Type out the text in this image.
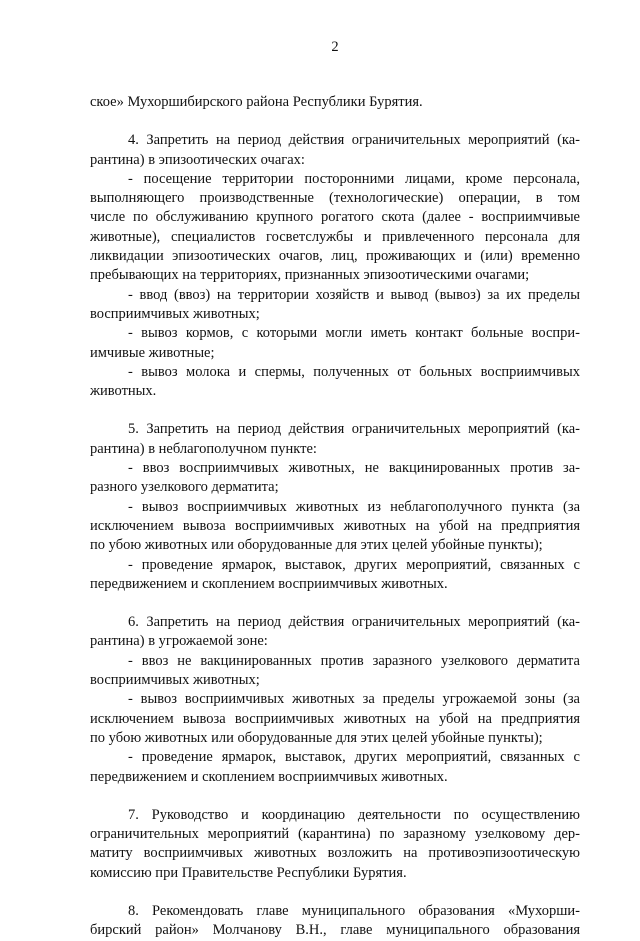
2

ское» Мухоршибирского района Республики Бурятия.

4. Запретить на период действия ограничительных мероприятий (ка-

рантина) в эпизоотических очагах:

- посещение территории посторонними лицами, кроме персонала,

выполняющего производственные (технологические) операции, в том

числе по обслуживанию крупного рогатого скота (далее - восприимчивые

животные), специалистов госветслужбы и привлеченного персонала для

ликвидации эпизоотических очагов, лиц, проживающих и (или) временно

пребывающих на территориях, признанных эпизоотическими очагами;

- ввод (ввоз) на территории хозяйств и вывод (вывоз) за их пределы

восприимчивых животных;

- вывоз кормов, с которыми могли иметь контакт больные воспри-

имчивые животные;

- вывоз молока и спермы, полученных от больных восприимчивых

животных.

5. Запретить на период действия ограничительных мероприятий (ка-

рантина) в неблагополучном пункте:

- ввоз восприимчивых животных, не вакцинированных против за-

разного узелкового дерматита;

- вывоз восприимчивых животных из неблагополучного пункта (за

исключением вывоза восприимчивых животных на убой на предприятия

по убою животных или оборудованные для этих целей убойные пункты);

- проведение ярмарок, выставок, других мероприятий, связанных с

передвижением и скоплением восприимчивых животных.

6. Запретить на период действия ограничительных мероприятий (ка-

рантина) в угрожаемой зоне:

- ввоз не вакцинированных против заразного узелкового дерматита

восприимчивых животных;

- вывоз восприимчивых животных за пределы угрожаемой зоны (за

исключением вывоза восприимчивых животных на убой на предприятия

по убою животных или оборудованные для этих целей убойные пункты);

- проведение ярмарок, выставок, других мероприятий, связанных с

передвижением и скоплением восприимчивых животных.

7. Руководство и координацию деятельности по осуществлению

ограничительных мероприятий (карантина) по заразному узелковому дер-

матиту восприимчивых животных возложить на противоэпизоотическую

комиссию при Правительстве Республики Бурятия.

8. Рекомендовать главе муниципального образования «Мухорши-

бирский район» Молчанову В.Н., главе муниципального образования
